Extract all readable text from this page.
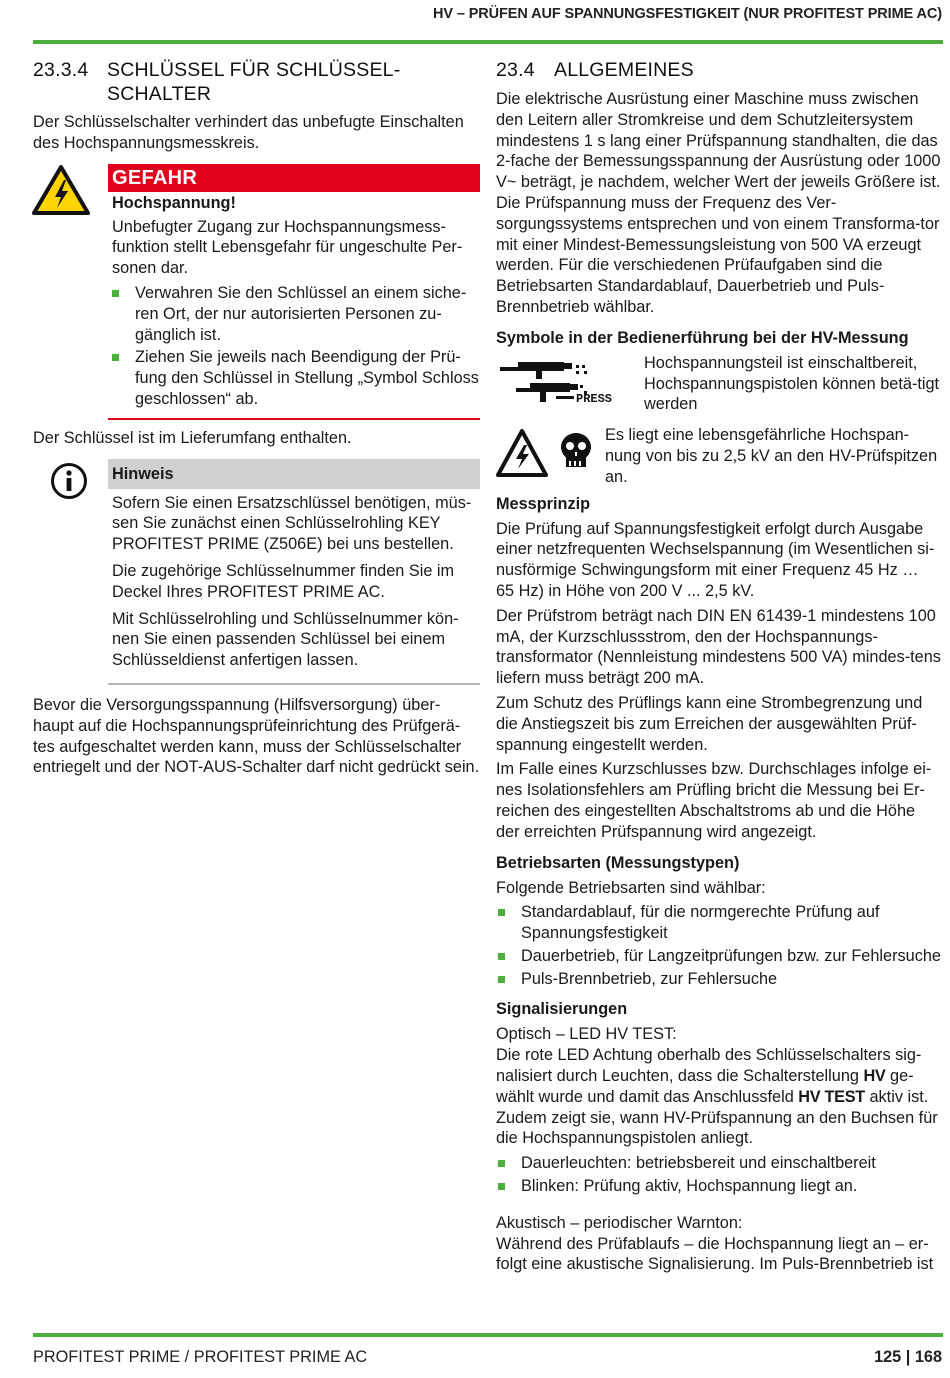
HV – PRÜFEN AUF SPANNUNGSFESTIGKEIT (NUR PROFITEST PRIME AC)
23.3.4 SCHLÜSSEL FÜR SCHLÜSSEL-
SCHALTER

Der Schlüsselschalter verhindert das unbefugte Einschalten des Hochspannungsmesskreis.

GEFAHR
Hochspannung!

Unbefugter Zugang zur Hochspannungsmess-funktion stellt Lebensgefahr für ungeschulte Per-sonen dar.

Verwahren Sie den Schlüssel an einem siche-ren Ort, der nur autorisierten Personen zu-gänglich ist.
Ziehen Sie jeweils nach Beendigung der Prü-fung den Schlüssel in Stellung „Symbol Schloss geschlossen“ ab.

Der Schlüssel ist im Lieferumfang enthalten.

Hinweis

Sofern Sie einen Ersatzschlüssel benötigen, müs-sen Sie zunächst einen Schlüsselrohling KEY PROFITEST PRIME (Z506E) bei uns bestellen.

Die zugehörige Schlüsselnummer finden Sie im Deckel Ihres PROFITEST PRIME AC.

Mit Schlüsselrohling und Schlüsselnummer kön-nen Sie einen passenden Schlüssel bei einem Schlüsseldienst anfertigen lassen.

Bevor die Versorgungsspannung (Hilfsversorgung) über-haupt auf die Hochspannungsprüfeinrichtung des Prüfgerä-tes aufgeschaltet werden kann, muss der Schlüsselschalter entriegelt und der NOT-AUS-Schalter darf nicht gedrückt sein.

23.4 ALLGEMEINES

Die elektrische Ausrüstung einer Maschine muss zwischen den Leitern aller Stromkreise und dem Schutzleitersystem mindestens 1 s lang einer Prüfspannung standhalten, die das 2-fache der Bemessungsspannung der Ausrüstung oder 1000 V~ beträgt, je nachdem, welcher Wert der jeweils Größere ist. Die Prüfspannung muss der Frequenz des Ver-sorgungssystems entsprechen und von einem Transforma-tor mit einer Mindest-Bemessungsleistung von 500 VA erzeugt werden. Für die verschiedenen Prüfaufgaben sind die Betriebsarten Standardablauf, Dauerbetrieb und Puls-Brennbetrieb wählbar.

Symbole in der Bedienerführung bei der HV-Messung
PRESS

Hochspannungsteil ist einschaltbereit, Hochspannungspistolen können betä-tigt werden

Es liegt eine lebensgefährliche Hochspan-nung von bis zu 2,5 kV an den HV-Prüfspitzen an.

Messprinzip

Die Prüfung auf Spannungsfestigkeit erfolgt durch Ausgabe einer netzfrequenten Wechselspannung (im Wesentlichen si-nusförmige Schwingungsform mit einer Frequenz 45 Hz … 65 Hz) in Höhe von 200 V ... 2,5 kV.

Der Prüfstrom beträgt nach DIN EN 61439-1 mindestens 100 mA, der Kurzschlussstrom, den der Hochspannungs-transformator (Nennleistung mindestens 500 VA) mindes-tens liefern muss beträgt 200 mA.

Zum Schutz des Prüflings kann eine Strombegrenzung und die Anstiegszeit bis zum Erreichen der ausgewählten Prüf-spannung eingestellt werden.

Im Falle eines Kurzschlusses bzw. Durchschlages infolge ei-nes Isolationsfehlers am Prüfling bricht die Messung bei Er-reichen des eingestellten Abschaltstroms ab und die Höhe der erreichten Prüfspannung wird angezeigt.

Betriebsarten (Messungstypen)

Folgende Betriebsarten sind wählbar:

Standardablauf, für die normgerechte Prüfung auf Spannungsfestigkeit
Dauerbetrieb, für Langzeitprüfungen bzw. zur Fehlersuche
Puls-Brennbetrieb, zur Fehlersuche
Signalisierungen

Optisch – LED HV TEST:

Die rote LED Achtung oberhalb des Schlüsselschalters sig-nalisiert durch Leuchten, dass die Schalterstellung HV ge-wählt wurde und damit das Anschlussfeld HV TEST aktiv ist. Zudem zeigt sie, wann HV-Prüfspannung an den Buchsen für die Hochspannungspistolen anliegt.

Dauerleuchten: betriebsbereit und einschaltbereit
Blinken: Prüfung aktiv, Hochspannung liegt an.

Akustisch – periodischer Warnton:

Während des Prüfablaufs – die Hochspannung liegt an – er-folgt eine akustische Signalisierung. Im Puls-Brennbetrieb ist

PROFITEST PRIME / PROFITEST PRIME AC	125 | 168
